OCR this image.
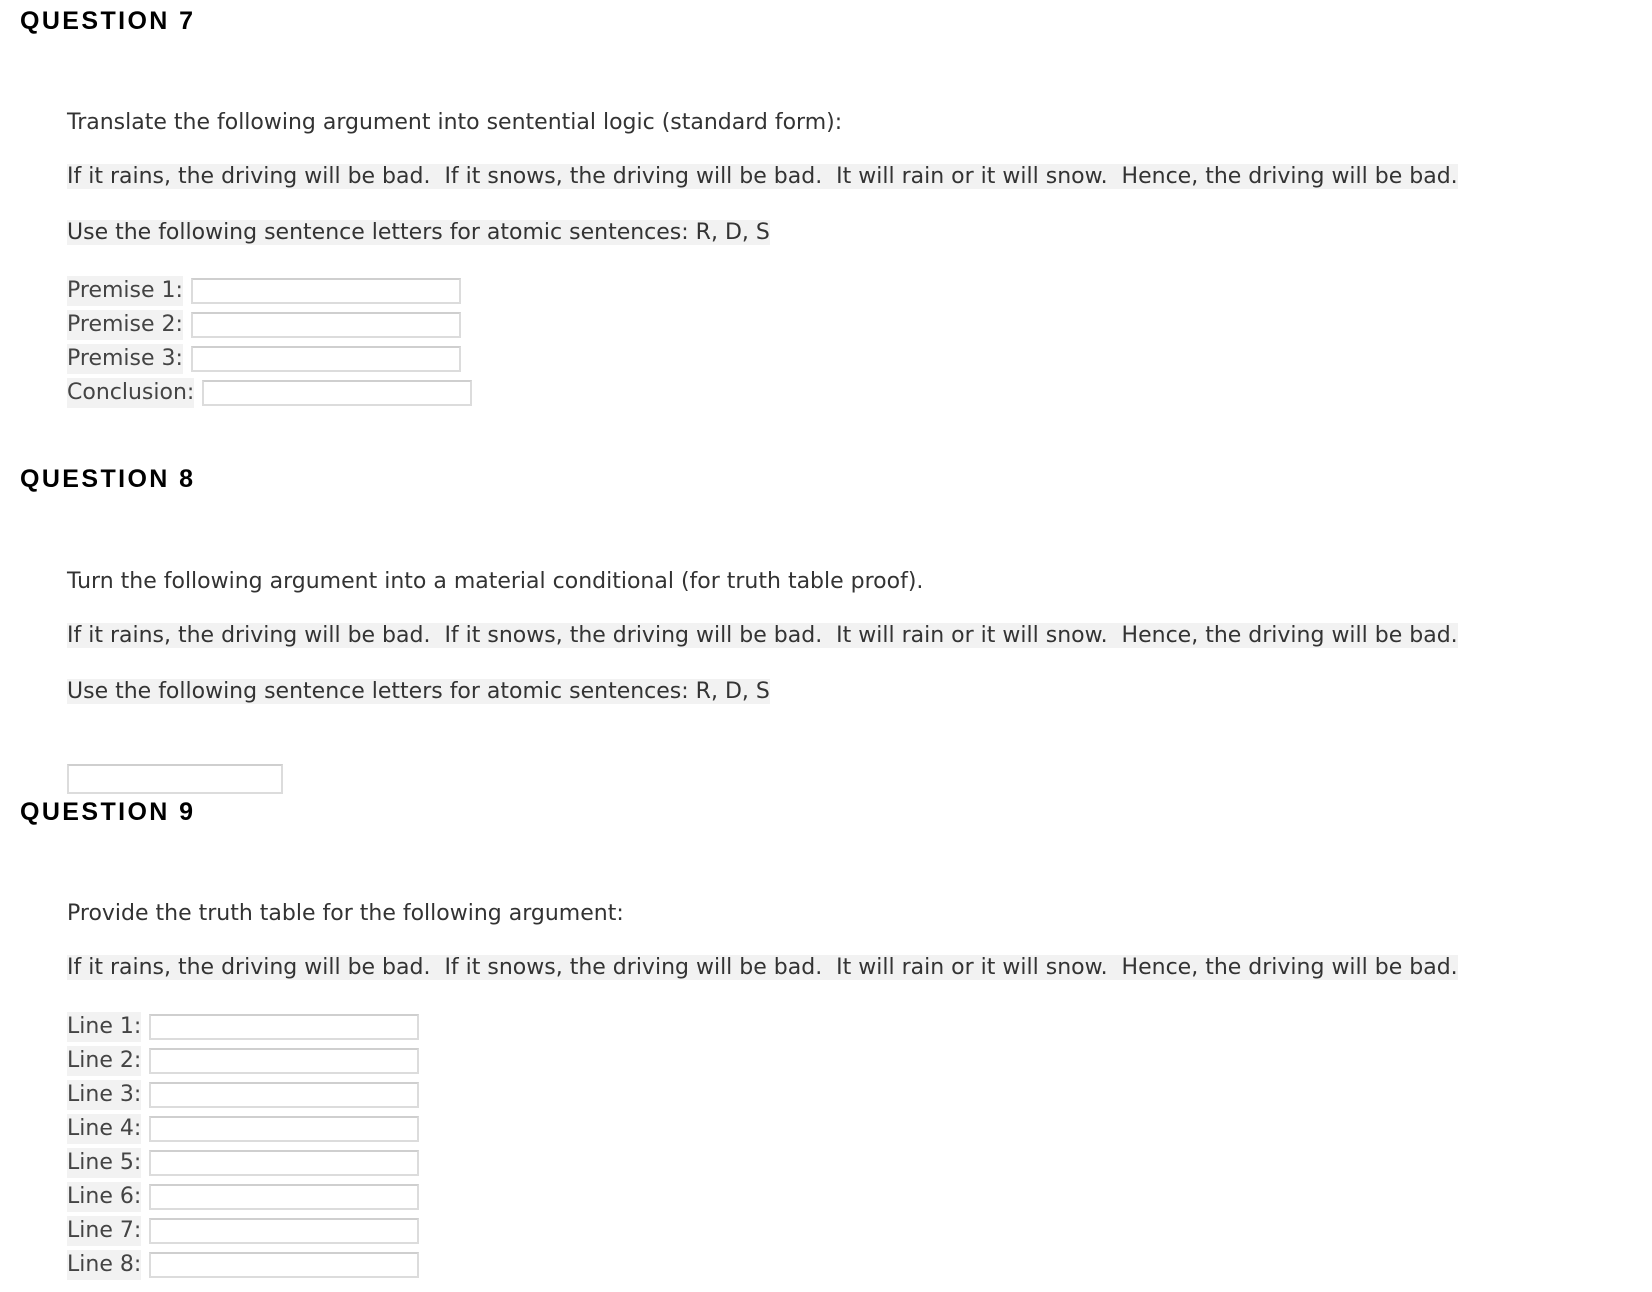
QUESTION 7

Translate the following argument into sentential logic (standard form):

If it rains, the driving will be bad.  If it snows, the driving will be bad.  It will rain or it will snow.  Hence, the driving will be bad.

Use the following sentence letters for atomic sentences: R, D, S

Premise 1:
Premise 2:
Premise 3:
Conclusion:
QUESTION 8

Turn the following argument into a material conditional (for truth table proof).

If it rains, the driving will be bad.  If it snows, the driving will be bad.  It will rain or it will snow.  Hence, the driving will be bad.

Use the following sentence letters for atomic sentences: R, D, S

QUESTION 9

Provide the truth table for the following argument:

If it rains, the driving will be bad.  If it snows, the driving will be bad.  It will rain or it will snow.  Hence, the driving will be bad.

Line 1:
Line 2:
Line 3:
Line 4:
Line 5:
Line 6:
Line 7:
Line 8:
